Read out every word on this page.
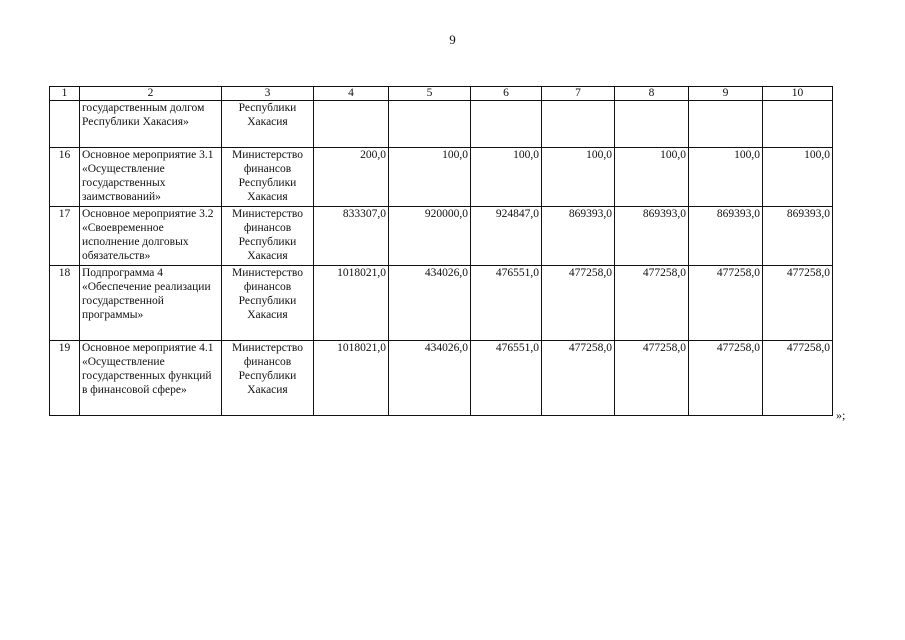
9
1	2	3	4	5	6	7	8	9	10
	государственным долгом Республики Хакасия»	Республики Хакасия							
16	Основное мероприятие 3.1 «Осуществление государственных заимствований»	Министерство финансов Республики Хакасия	200,0	100,0	100,0	100,0	100,0	100,0	100,0
17	Основное мероприятие 3.2 «Своевременное исполнение долговых обязательств»	Министерство финансов Республики Хакасия	833307,0	920000,0	924847,0	869393,0	869393,0	869393,0	869393,0
18	Подпрограмма 4 «Обеспечение реализации государственной программы»	Министерство финансов Республики Хакасия	1018021,0	434026,0	476551,0	477258,0	477258,0	477258,0	477258,0
19	Основное мероприятие 4.1 «Осуществление государственных функций в финансовой сфере»	Министерство финансов Республики Хакасия	1018021,0	434026,0	476551,0	477258,0	477258,0	477258,0	477258,0
»;
